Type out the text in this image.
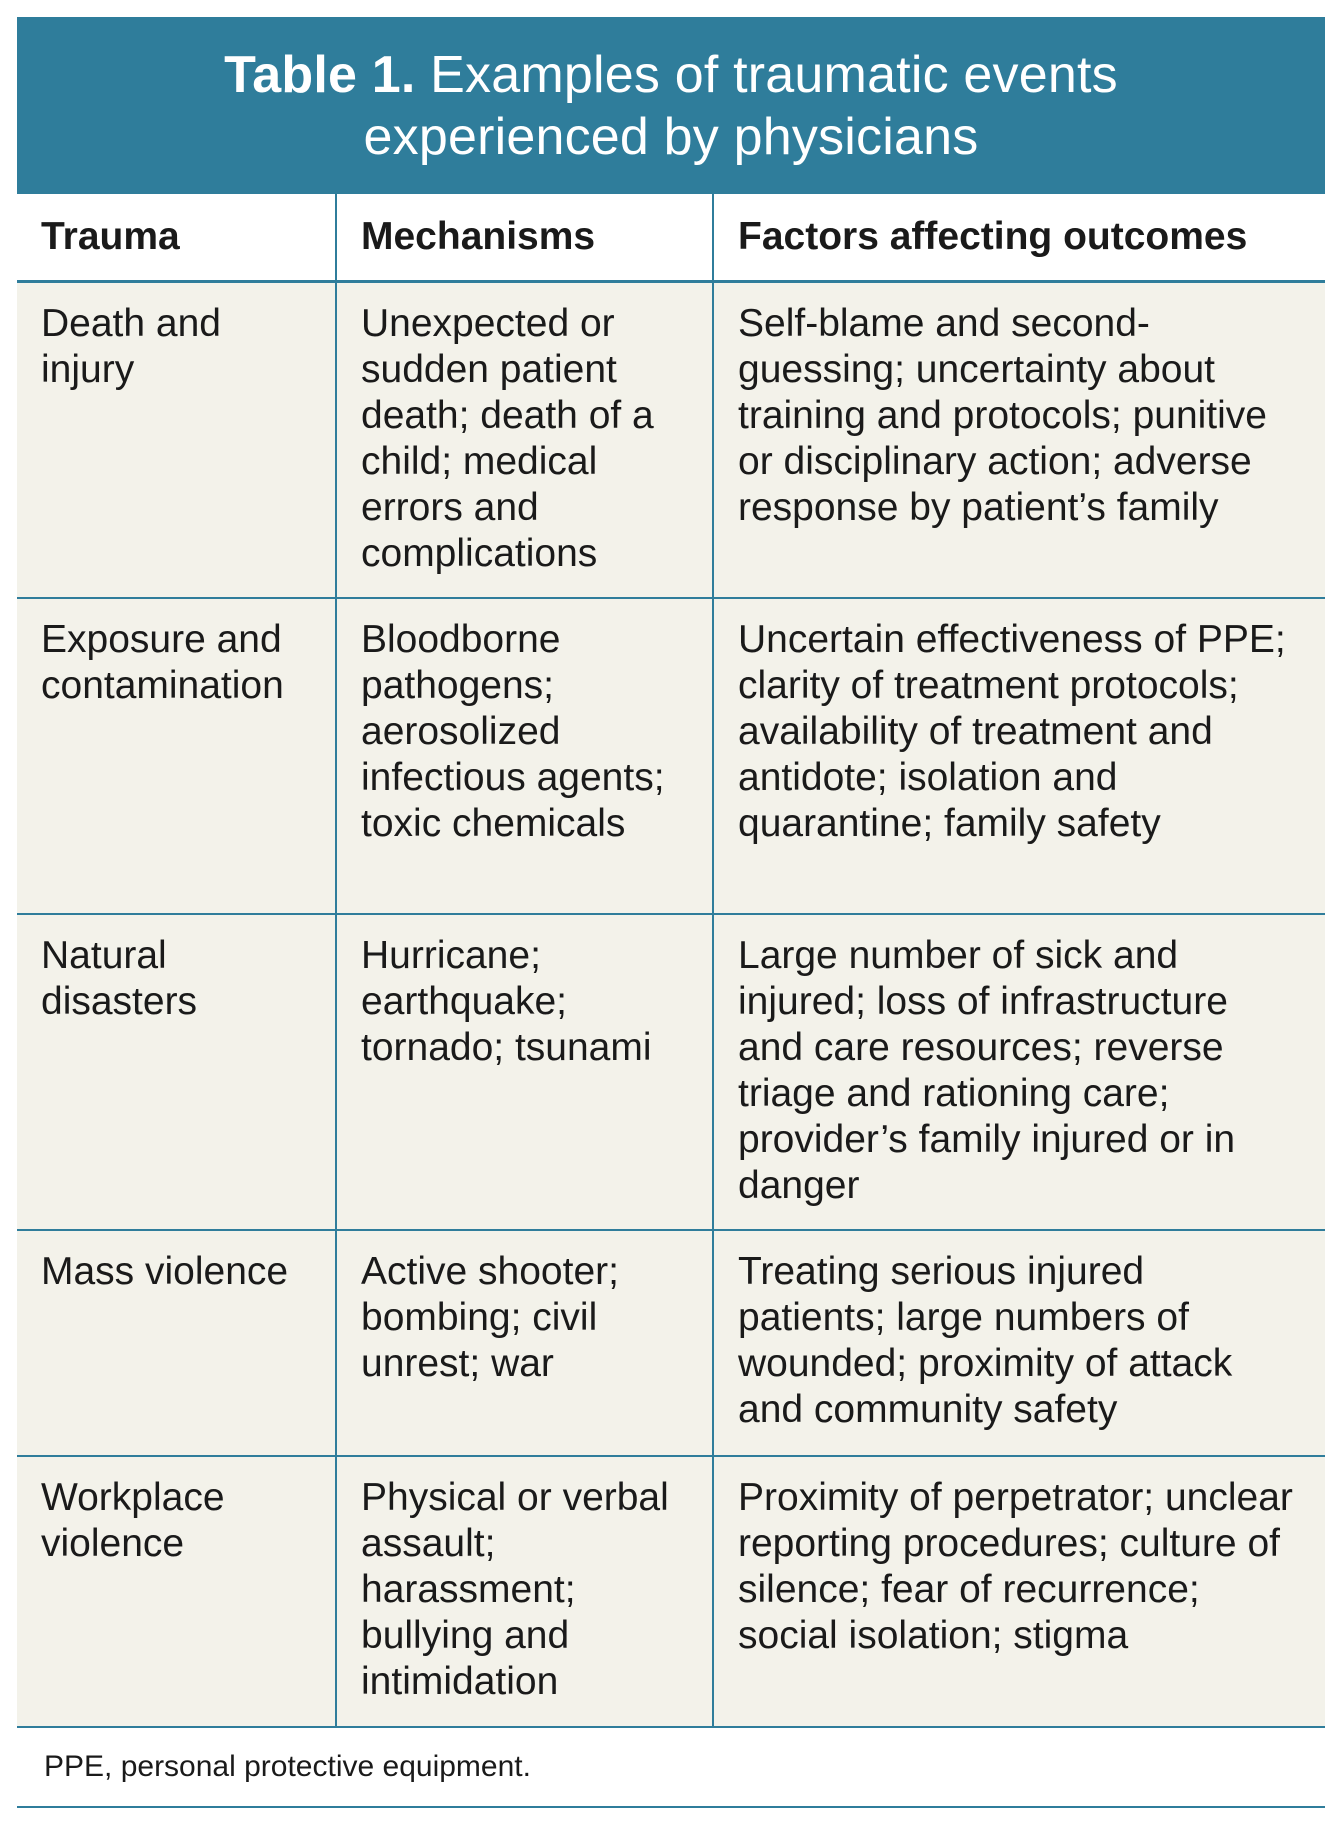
Table 1. Examples of traumatic events
experienced by physicians
Trauma	Mechanisms	Factors affecting outcomes
Death and injury	Unexpected or sudden patient death; death of a child; medical errors and complications	Self-blame and second-guessing; uncertainty about training and protocols; punitive or disciplinary action; adverse response by patient’s family
Exposure and contamination	Bloodborne pathogens; aerosolized infectious agents; toxic chemicals	Uncertain effectiveness of PPE; clarity of treatment protocols; availability of treatment and antidote; isolation and quarantine; family safety
Natural disasters	Hurricane; earthquake; tornado; tsunami	Large number of sick and injured; loss of infrastructure and care resources; reverse triage and rationing care; provider’s family injured or in danger
Mass violence	Active shooter; bombing; civil unrest; war	Treating serious injured patients; large numbers of wounded; proximity of attack and community safety
Workplace violence	Physical or verbal assault; harassment; bullying and intimidation	Proximity of perpetrator; unclear reporting procedures; culture of silence; fear of recurrence; social isolation; stigma
PPE, personal protective equipment.
